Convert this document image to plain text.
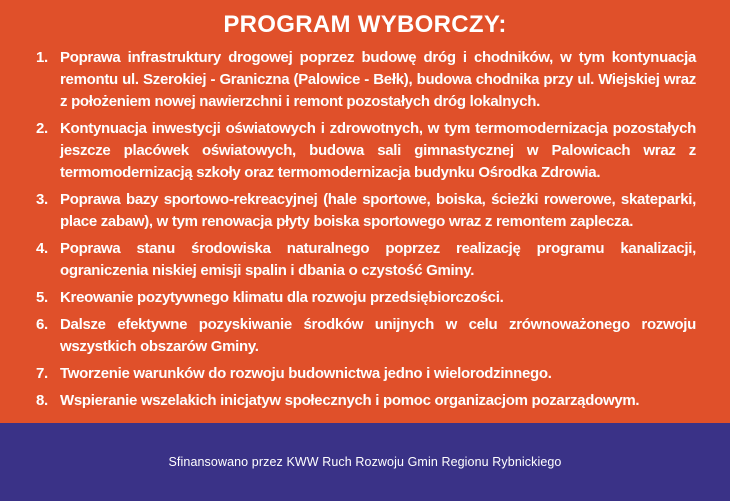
PROGRAM WYBORCZY:
1. Poprawa infrastruktury drogowej poprzez budowę dróg i chodników, w tym kontynuacja remontu ul. Szerokiej - Graniczna (Palowice - Bełk), budowa chodnika przy ul. Wiejskiej wraz z położeniem nowej nawierzchni i remont pozostałych dróg lokalnych.
2. Kontynuacja inwestycji oświatowych i zdrowotnych, w tym termomodernizacja pozostałych jeszcze placówek oświatowych, budowa sali gimnastycznej w Palowicach wraz z termomodernizacją szkoły oraz termomodernizacja budynku Ośrodka Zdrowia.
3. Poprawa bazy sportowo-rekreacyjnej (hale sportowe, boiska, ścieżki rowerowe, skateparki, place zabaw), w tym renowacja płyty boiska sportowego wraz z remontem zaplecza.
4. Poprawa stanu środowiska naturalnego poprzez realizację programu kanalizacji, ograniczenia niskiej emisji spalin i dbania o czystość Gminy.
5. Kreowanie pozytywnego klimatu dla rozwoju przedsiębiorczości.
6. Dalsze efektywne pozyskiwanie środków unijnych w celu zrównoważonego rozwoju wszystkich obszarów Gminy.
7. Tworzenie warunków do rozwoju budownictwa jedno i wielorodzinnego.
8. Wspieranie wszelakich inicjatyw społecznych i pomoc organizacjom pozarządowym.
Sfinansowano przez KWW Ruch Rozwoju Gmin Regionu Rybnickiego
